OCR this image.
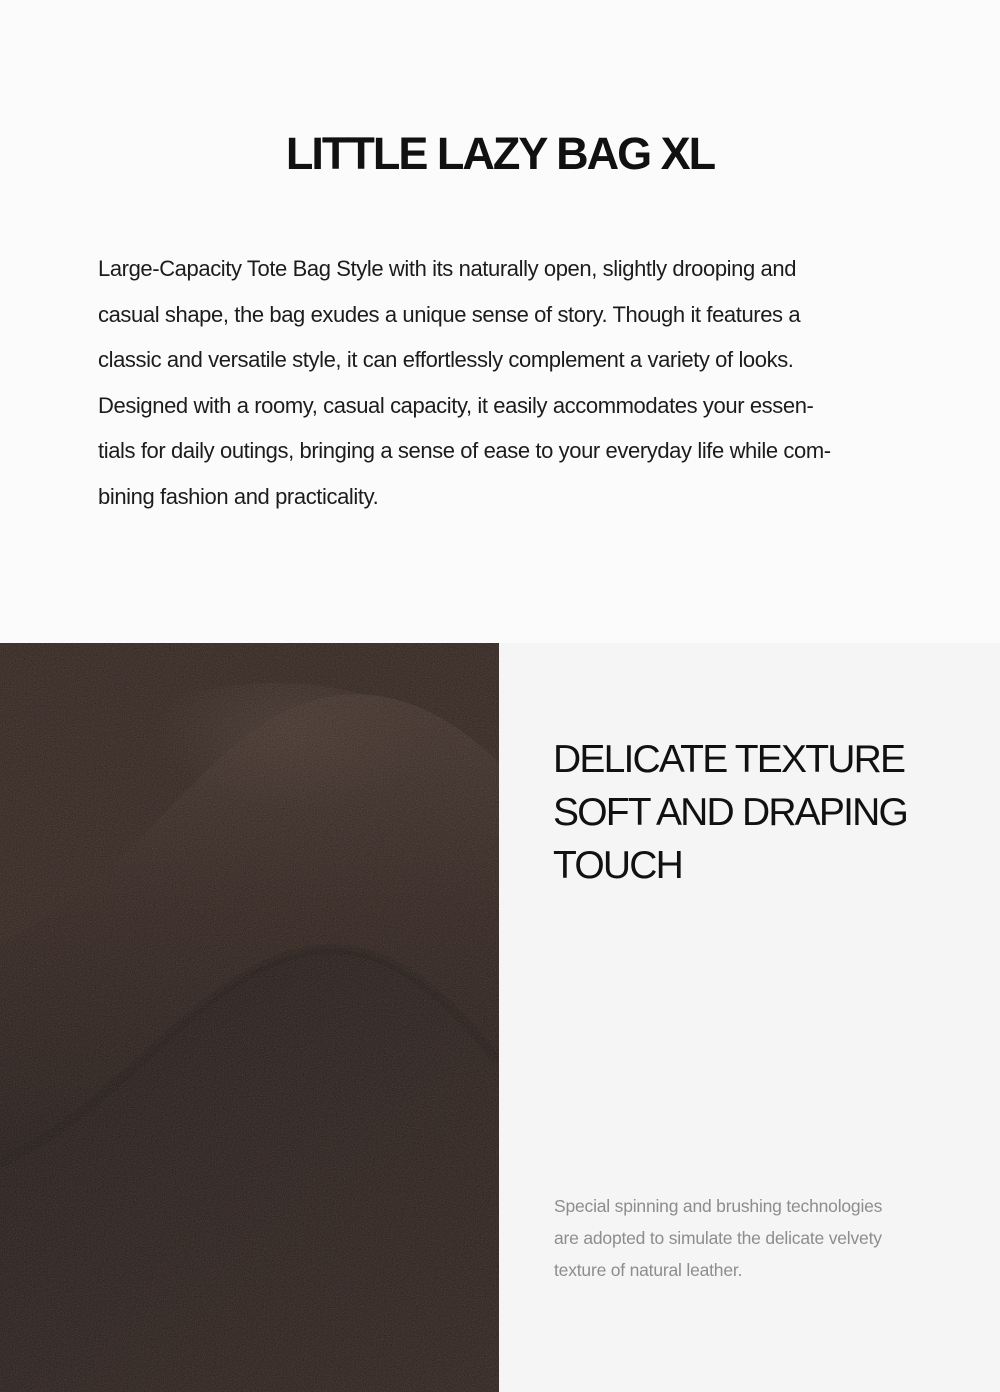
LITTLE LAZY BAG XL

Large-Capacity Tote Bag Style with its naturally open, slightly drooping and
casual shape, the bag exudes a unique sense of story. Though it features a
classic and versatile style, it can effortlessly complement a variety of looks.
Designed with a roomy, casual capacity, it easily accommodates your essen-
tials for daily outings, bringing a sense of ease to your everyday life while com-
bining fashion and practicality.

DELICATE TEXTURE
SOFT AND DRAPING
TOUCH

Special spinning and brushing technologies
are adopted to simulate the delicate velvety
texture of natural leather.
